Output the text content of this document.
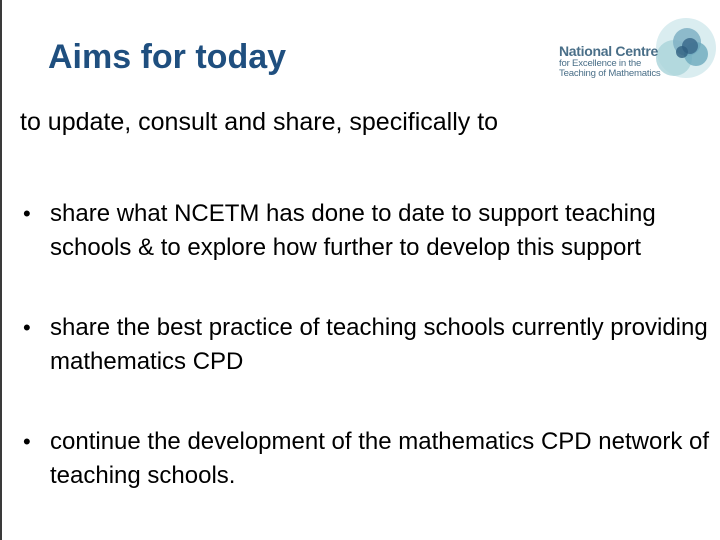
Aims for today	National Centre
for Excellence in the
Teaching of Mathematics
to update, consult and share, specifically to
• share what NCETM has done to date to support teaching schools & to explore how further to develop this support
• share the best practice of teaching schools currently providing mathematics CPD
• continue the development of the mathematics CPD network of teaching schools.
